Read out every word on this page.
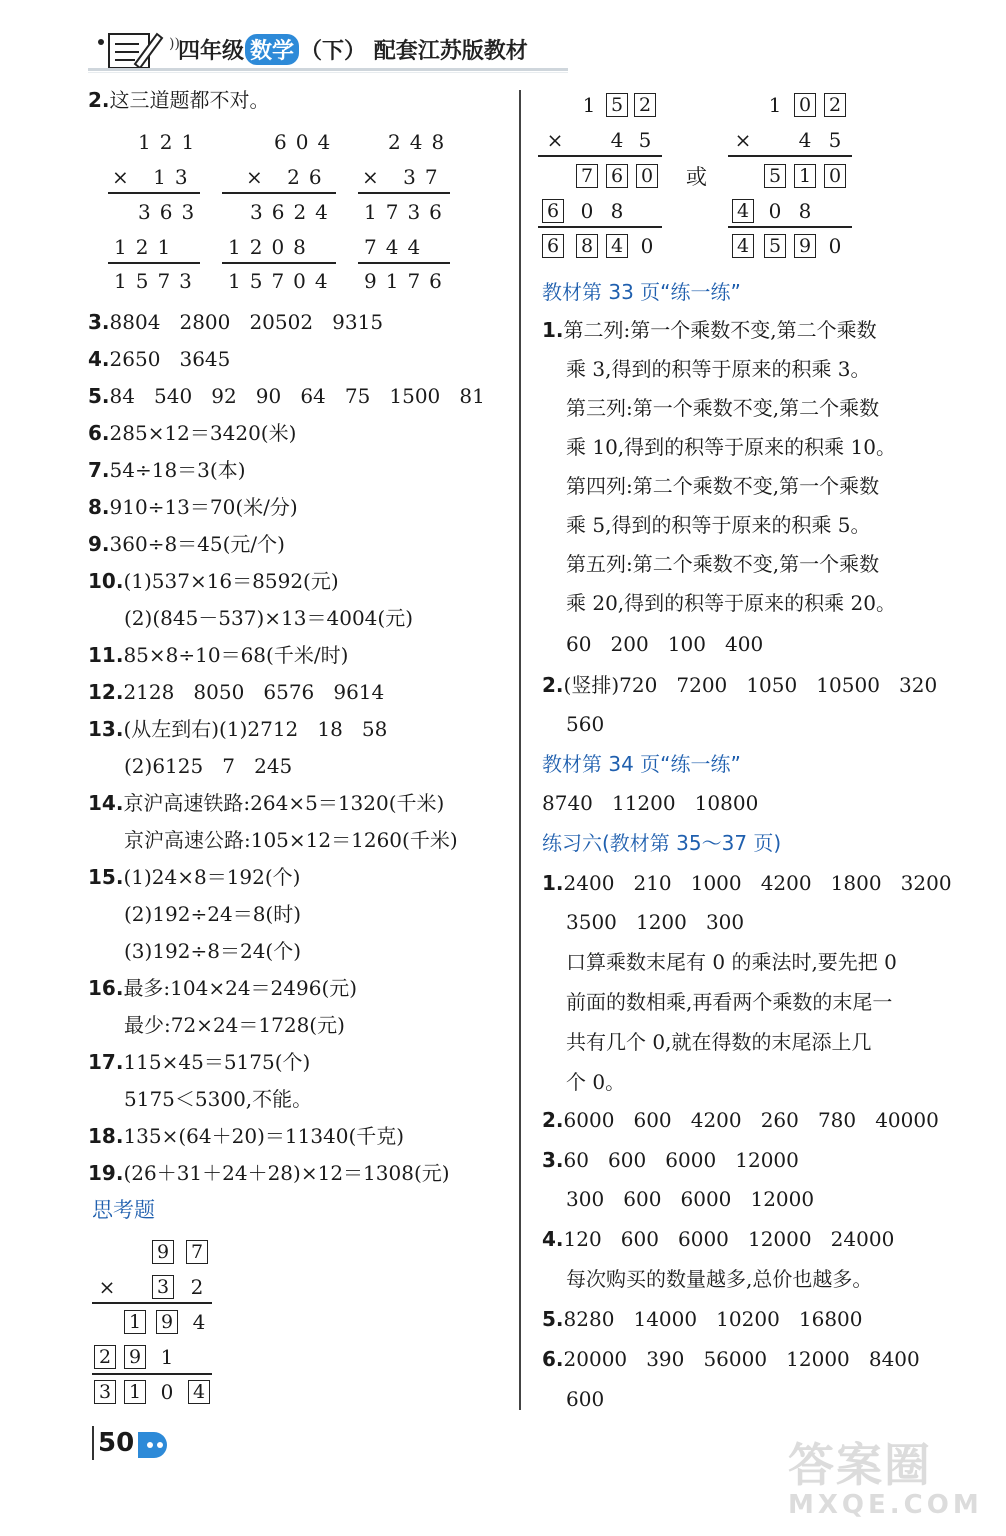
))
四年级 数学 （下） 配套江苏版教材
2.这三道题都不对。
3.8804   2800   20502   9315
4.2650   3645
5.84   540   92   90   64   75   1500   81
6.285×12＝3420(米)
7.54÷18＝3(本)
8.910÷13＝70(米/分)
9.360÷8＝45(元/个)
10.(1)537×16＝8592(元)
(2)(845－537)×13＝4004(元)
11.85×8÷10＝68(千米/时)
12.2128   8050   6576   9614
13.(从左到右)(1)2712   18   58
(2)6125   7   245
14.京沪高速铁路:264×5＝1320(千米)
京沪高速公路:105×12＝1260(千米)
15.(1)24×8＝192(个)
(2)192÷24＝8(时)
(3)192÷8＝24(个)
16.最多:104×24＝2496(元)
最少:72×24＝1728(元)
17.115×45＝5175(个)
5175＜5300,不能。
18.135×(64＋20)＝11340(千克)
19.(26＋31＋24＋28)×12＝1308(元)
121
× 13
363
121
1573
604
× 26
3624
1208
15704
248
× 37
1736
744
9176
思考题
9 7
× 3 2
1 9 4
2 9 1
3 1 0 4
1 5 2
× 4 5
7 6 0
6 0 8
6 8 4 0
或
1 0 2
× 4 5
5 1 0
4 0 8
4 5 9 0
教材第 33 页“练一练”
1.第二列:第一个乘数不变,第二个乘数
乘 3,得到的积等于原来的积乘 3。
第三列:第一个乘数不变,第二个乘数
乘 10,得到的积等于原来的积乘 10。
第四列:第二个乘数不变,第一个乘数
乘 5,得到的积等于原来的积乘 5。
第五列:第二个乘数不变,第一个乘数
乘 20,得到的积等于原来的积乘 20。
60   200   100   400
2.(竖排)720   7200   1050   10500   320
560
教材第 34 页“练一练”
8740   11200   10800
练习六(教材第 35～37 页)
1.2400   210   1000   4200   1800   3200
3500   1200   300
口算乘数末尾有 0 的乘法时,要先把 0
前面的数相乘,再看两个乘数的末尾一
共有几个 0,就在得数的末尾添上几
个 0。
2.6000   600   4200   260   780   40000
3.60   600   6000   12000
300   600   6000   12000
4.120   600   6000   12000   24000
每次购买的数量越多,总价也越多。
5.8280   14000   10200   16800
6.20000   390   56000   12000   8400
600
50	答案圈
MXQE.COM
